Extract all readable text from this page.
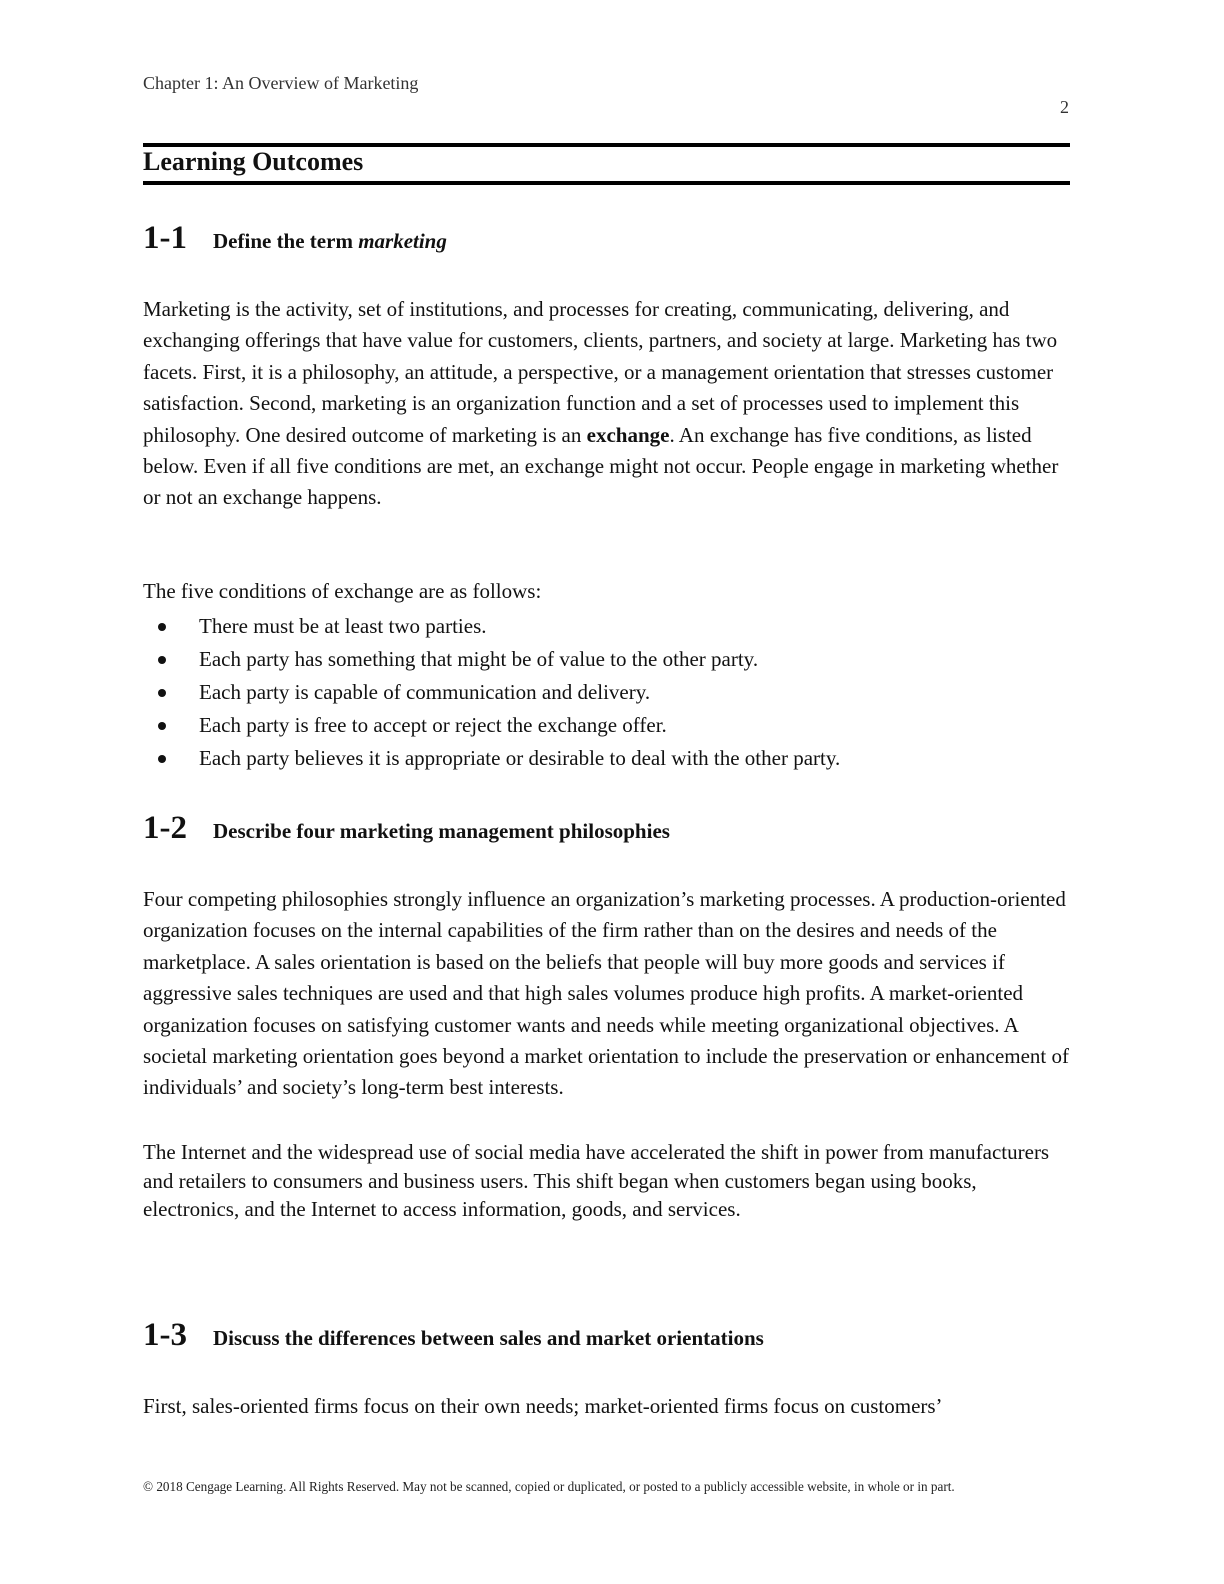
Chapter 1: An Overview of Marketing
2
Learning Outcomes
1-1	Define the term marketing

Marketing is the activity, set of institutions, and processes for creating, communicating, delivering, and exchanging offerings that have value for customers, clients, partners, and society at large. Marketing has two facets. First, it is a philosophy, an attitude, a perspective, or a management orientation that stresses customer satisfaction. Second, marketing is an organization function and a set of processes used to implement this philosophy. One desired outcome of marketing is an exchange. An exchange has five conditions, as listed below. Even if all five conditions are met, an exchange might not occur. People engage in marketing whether or not an exchange happens.

The five conditions of exchange are as follows:

There must be at least two parties.
Each party has something that might be of value to the other party.
Each party is capable of communication and delivery.
Each party is free to accept or reject the exchange offer.
Each party believes it is appropriate or desirable to deal with the other party.
1-2	Describe four marketing management philosophies

Four competing philosophies strongly influence an organization’s marketing processes. A production-oriented organization focuses on the internal capabilities of the firm rather than on the desires and needs of the marketplace. A sales orientation is based on the beliefs that people will buy more goods and services if aggressive sales techniques are used and that high sales volumes produce high profits. A market-oriented organization focuses on satisfying customer wants and needs while meeting organizational objectives. A societal marketing orientation goes beyond a market orientation to include the preservation or enhancement of individuals’ and society’s long-term best interests.

The Internet and the widespread use of social media have accelerated the shift in power from manufacturers and retailers to consumers and business users. This shift began when customers began using books, electronics, and the Internet to access information, goods, and services.

1-3	Discuss the differences between sales and market orientations

First, sales-oriented firms focus on their own needs; market-oriented firms focus on customers’

© 2018 Cengage Learning. All Rights Reserved. May not be scanned, copied or duplicated, or posted to a publicly accessible website, in whole or in part.
